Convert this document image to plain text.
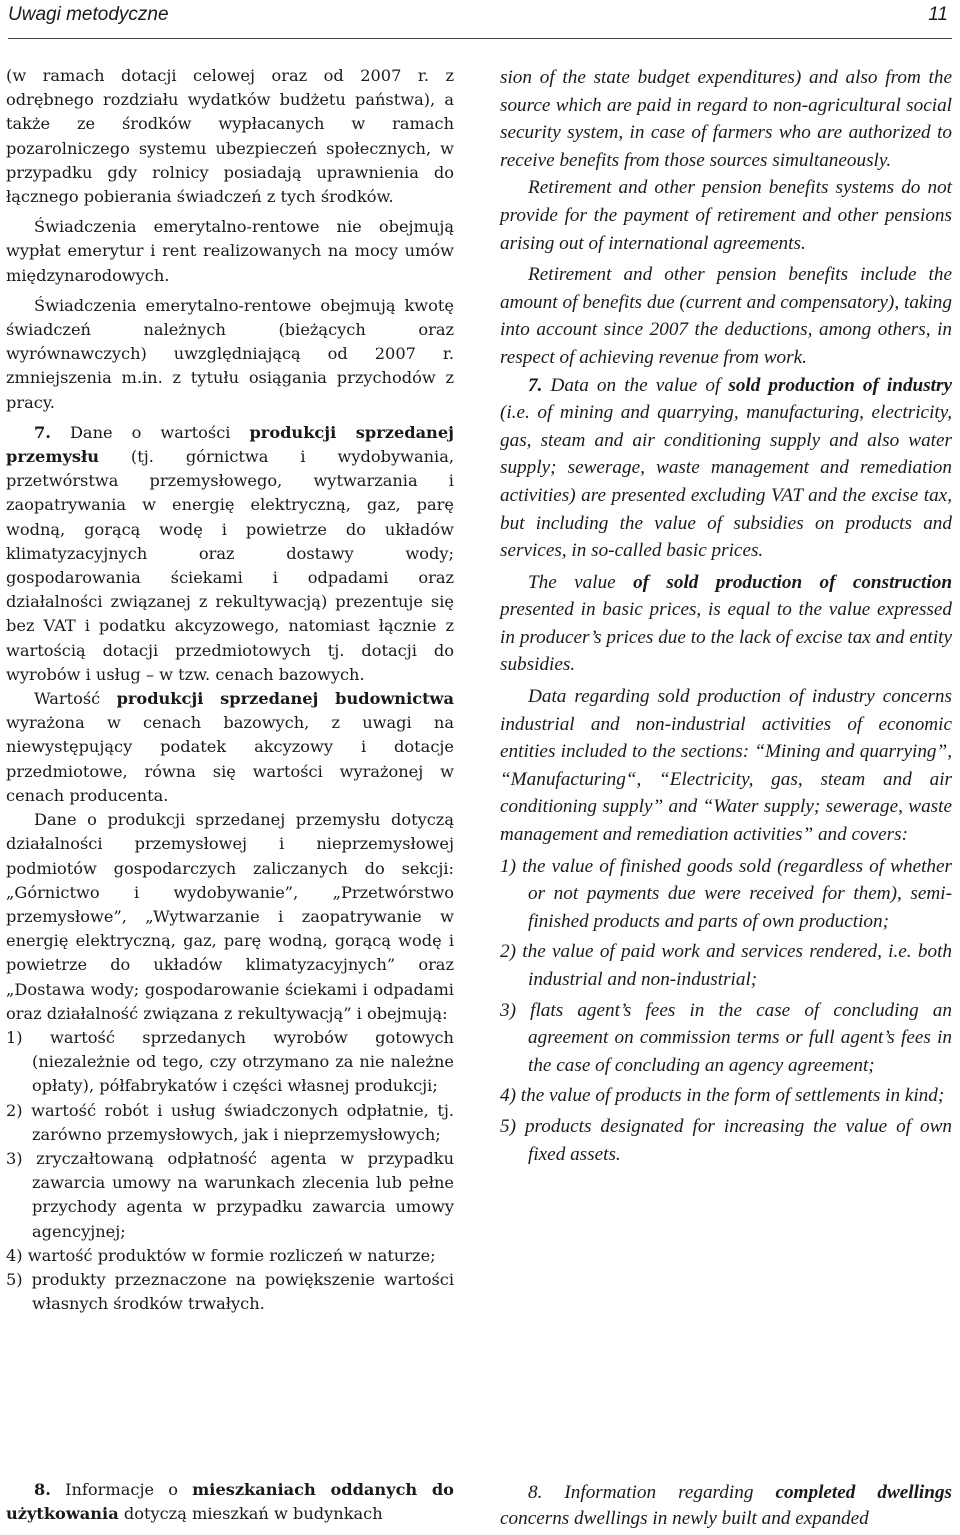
Uwagi metodyczne	11

(w ramach dotacji celowej oraz od 2007 r. z odrębnego rozdziału wydatków budżetu państwa), a także ze środków wypłacanych w ramach pozarolniczego systemu ubezpieczeń społecznych, w przypadku gdy rolnicy posiadają uprawnienia do łącznego pobierania świadczeń z tych środków.

Świadczenia emerytalno-rentowe nie obejmują wypłat emerytur i rent realizowanych na mocy umów międzynarodowych.

Świadczenia emerytalno-rentowe obejmują kwotę świadczeń należnych (bieżących oraz wyrównawczych) uwzględniającą od 2007 r. zmniejszenia m.in. z tytułu osiągania przychodów z pracy.

7. Dane o wartości produkcji sprzedanej przemysłu (tj. górnictwa i wydobywania, przetwórstwa przemysłowego, wytwarzania i zaopatrywania w energię elektryczną, gaz, parę wodną, gorącą wodę i powietrze do układów klimatyzacyjnych oraz dostawy wody; gospodarowania ściekami i odpadami oraz działalności związanej z rekultywacją) prezentuje się bez VAT i podatku akcyzowego, natomiast łącznie z wartością dotacji przedmiotowych tj. dotacji do wyrobów i usług – w tzw. cenach bazowych.

Wartość produkcji sprzedanej budownictwa wyrażona w cenach bazowych, z uwagi na niewystępujący podatek akcyzowy i dotacje przedmiotowe, równa się wartości wyrażonej w cenach producenta.

Dane o produkcji sprzedanej przemysłu dotyczą działalności przemysłowej i nieprzemysłowej podmiotów gospodarczych zaliczanych do sekcji: „Górnictwo i wydobywanie”, „Przetwórstwo przemysłowe”, „Wytwarzanie i zaopatrywanie w energię elektryczną, gaz, parę wodną, gorącą wodę i powietrze do układów klimatyzacyjnych” oraz „Dostawa wody; gospodarowanie ściekami i odpadami oraz działalność związana z rekultywacją” i obejmują:

1) wartość sprzedanych wyrobów gotowych (niezależnie od tego, czy otrzymano za nie należne opłaty), półfabrykatów i części własnej produkcji;
2) wartość robót i usług świadczonych odpłatnie, tj. zarówno przemysłowych, jak i nieprzemysłowych;
3) zryczałtowaną odpłatność agenta w przypadku zawarcia umowy na warunkach zlecenia lub pełne przychody agenta w przypadku zawarcia umowy agencyjnej;
4) wartość produktów w formie rozliczeń w naturze;
5) produkty przeznaczone na powiększenie wartości własnych środków trwałych.

sion of the state budget expenditures) and also from the source which are paid in regard to non-agricultural social security system, in case of farmers who are authorized to receive benefits from those sources simultaneously.

Retirement and other pension benefits systems do not provide for the payment of retirement and other pensions arising out of international agreements.

Retirement and other pension benefits include the amount of benefits due (current and compensatory), taking into account since 2007 the deductions, among others, in respect of achieving revenue from work.

7. Data on the value of sold production of industry (i.e. of mining and quarrying, manufacturing, electricity, gas, steam and air conditioning supply and also water supply; sewerage, waste management and remediation activities) are presented excluding VAT and the excise tax, but including the value of subsidies on products and services, in so-called basic prices.

The value of sold production of construction presented in basic prices, is equal to the value expressed in producer’s prices due to the lack of excise tax and entity subsidies.

Data regarding sold production of industry concerns industrial and non-industrial activities of economic entities included to the sections: “Mining and quarrying”, “Manufacturing“, “Electricity, gas, steam and air conditioning supply” and “Water supply; sewerage, waste management and remediation activities” and covers:

1) the value of finished goods sold (regardless of whether or not payments due were received for them), semi-finished products and parts of own production;
2) the value of paid work and services rendered, i.e. both industrial and non-industrial;
3) flats agent’s fees in the case of concluding an agreement on commission terms or full agent’s fees in the case of concluding an agency agreement;
4) the value of products in the form of settlements in kind;
5) products designated for increasing the value of own fixed assets.

8. Informacje o mieszkaniach oddanych do użytkowania dotyczą mieszkań w budynkach

8. Information regarding completed dwellings concerns dwellings in newly built and expanded
